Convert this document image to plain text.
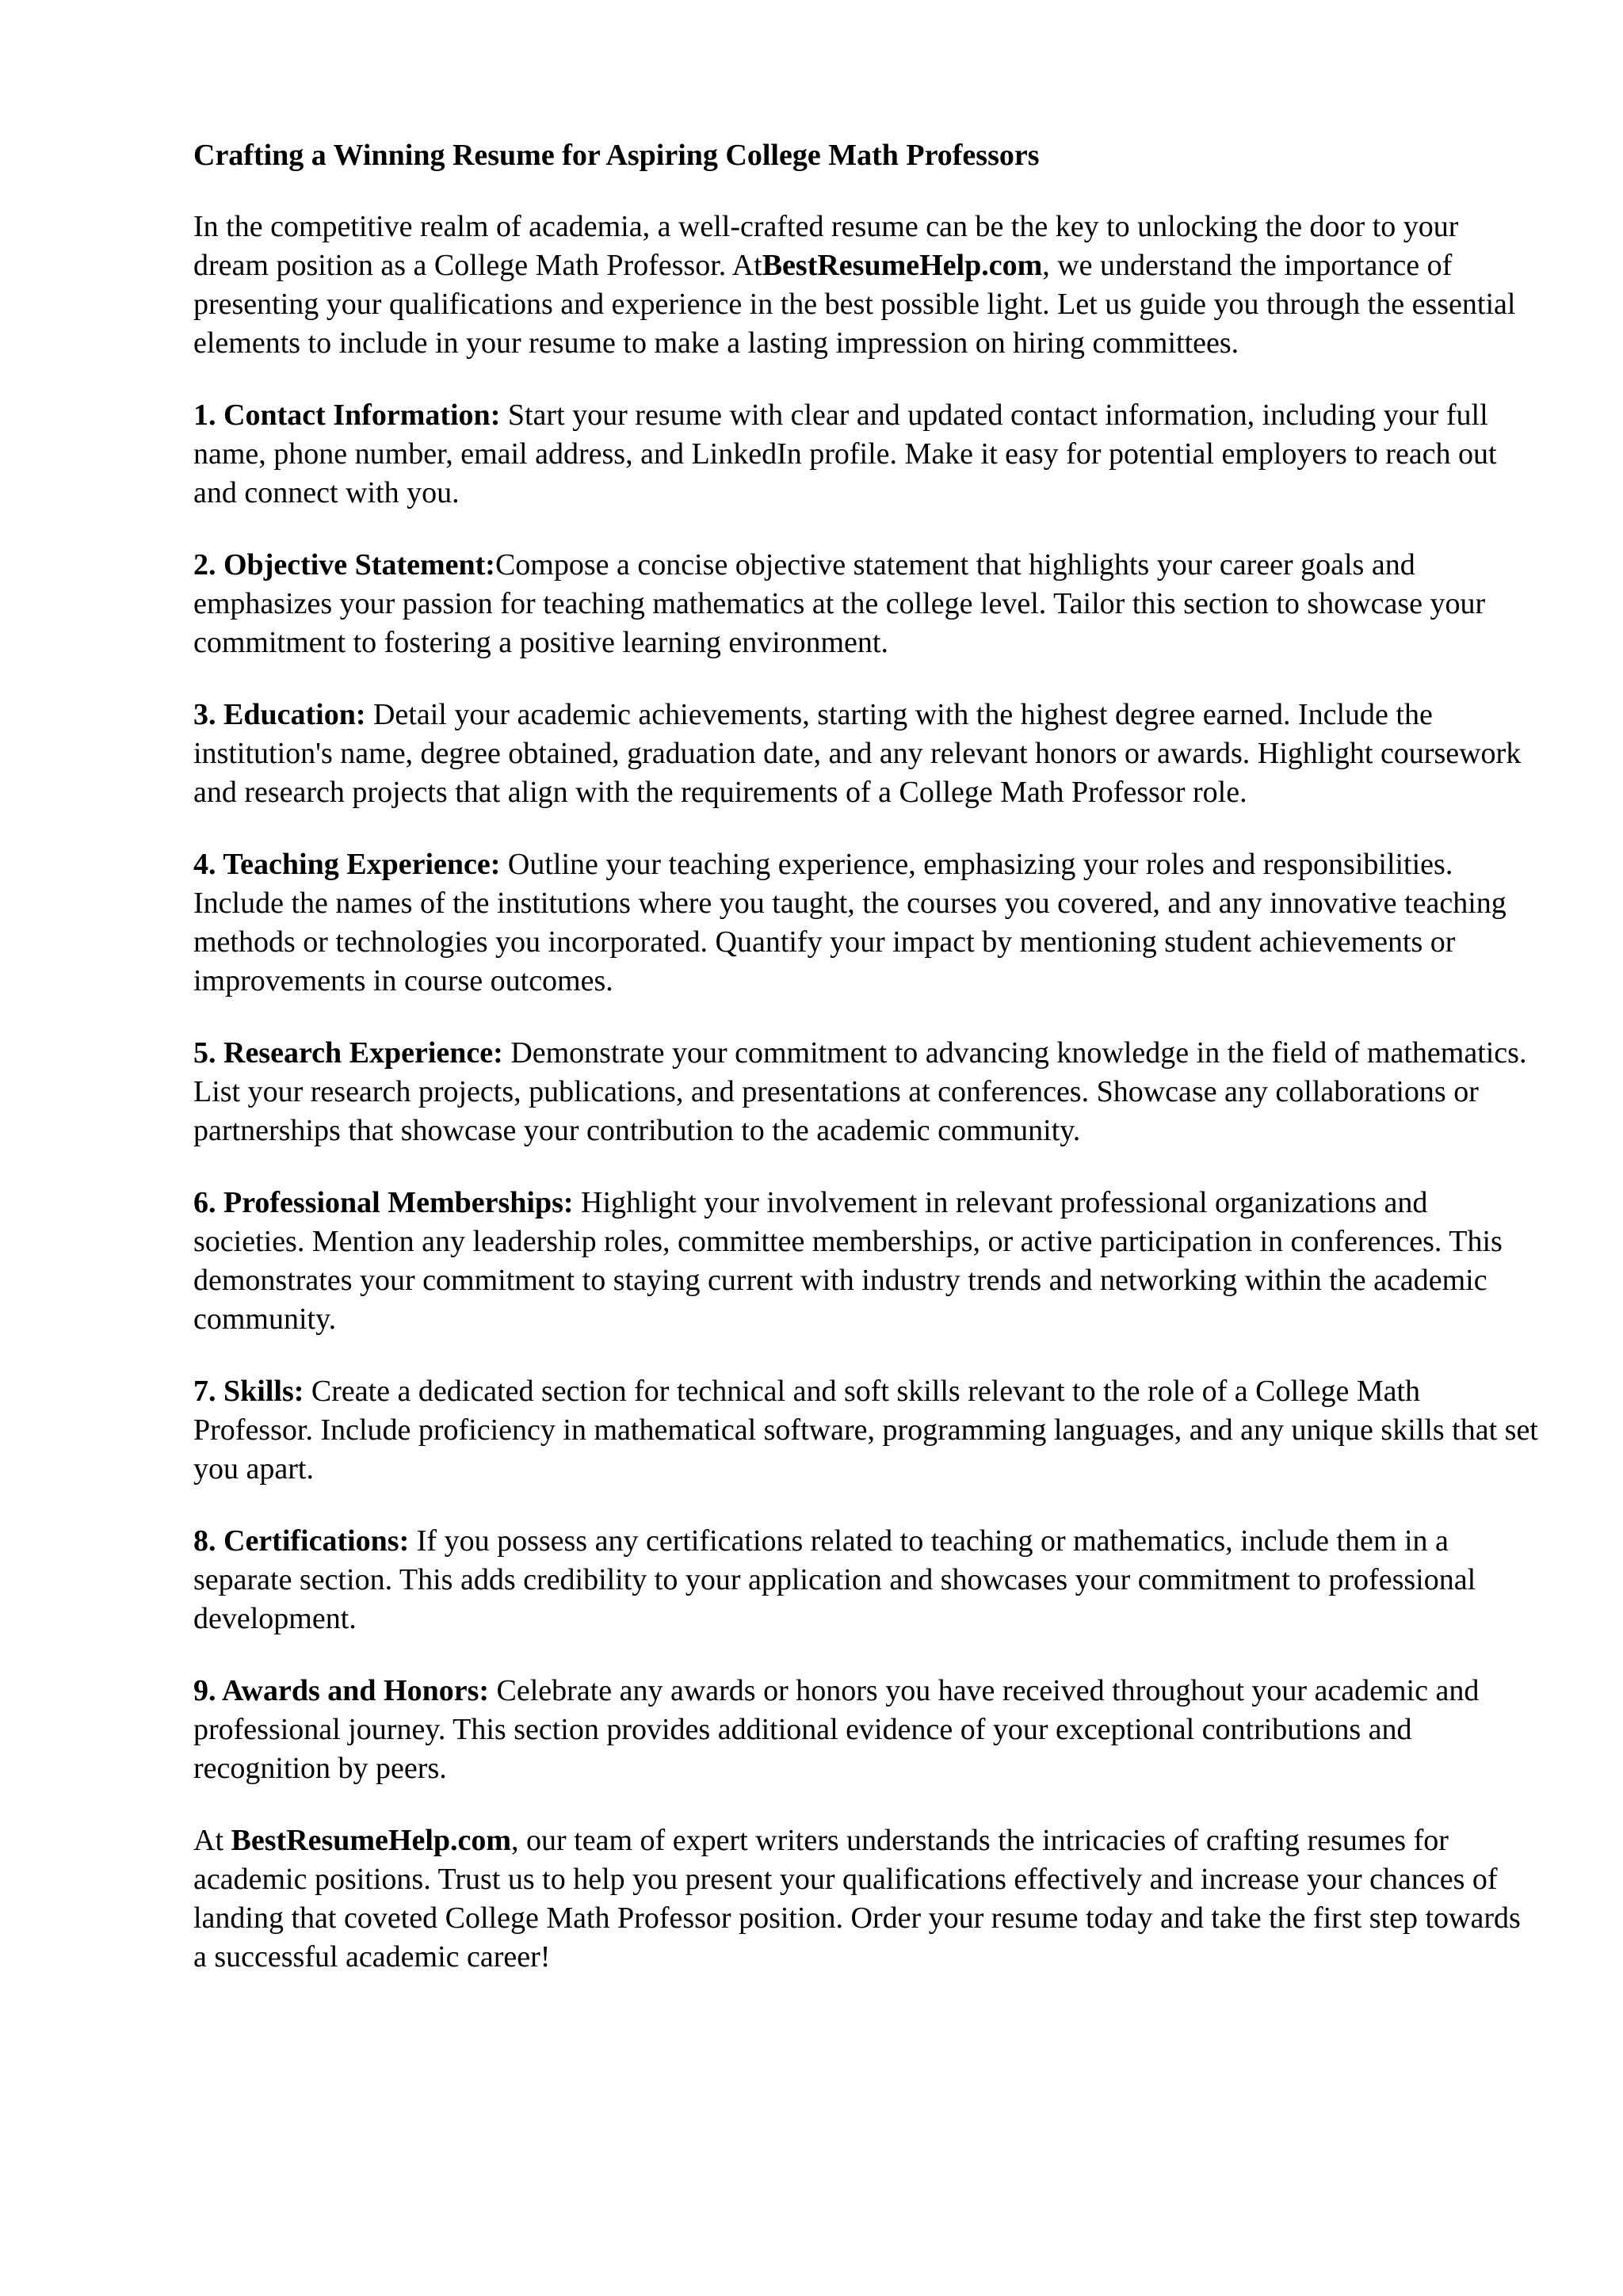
Crafting a Winning Resume for Aspiring College Math Professors

In the competitive realm of academia, a well-crafted resume can be the key to unlocking the door to your dream position as a College Math Professor. AtBestResumeHelp.com, we understand the importance of presenting your qualifications and experience in the best possible light. Let us guide you through the essential elements to include in your resume to make a lasting impression on hiring committees.

1. Contact Information: Start your resume with clear and updated contact information, including your full name, phone number, email address, and LinkedIn profile. Make it easy for potential employers to reach out and connect with you.

2. Objective Statement:Compose a concise objective statement that highlights your career goals and emphasizes your passion for teaching mathematics at the college level. Tailor this section to showcase your commitment to fostering a positive learning environment.

3. Education: Detail your academic achievements, starting with the highest degree earned. Include the institution's name, degree obtained, graduation date, and any relevant honors or awards. Highlight coursework and research projects that align with the requirements of a College Math Professor role.

4. Teaching Experience: Outline your teaching experience, emphasizing your roles and responsibilities. Include the names of the institutions where you taught, the courses you covered, and any innovative teaching methods or technologies you incorporated. Quantify your impact by mentioning student achievements or improvements in course outcomes.

5. Research Experience: Demonstrate your commitment to advancing knowledge in the field of mathematics. List your research projects, publications, and presentations at conferences. Showcase any collaborations or partnerships that showcase your contribution to the academic community.

6. Professional Memberships: Highlight your involvement in relevant professional organizations and societies. Mention any leadership roles, committee memberships, or active participation in conferences. This demonstrates your commitment to staying current with industry trends and networking within the academic community.

7. Skills: Create a dedicated section for technical and soft skills relevant to the role of a College Math Professor. Include proficiency in mathematical software, programming languages, and any unique skills that set you apart.

8. Certifications: If you possess any certifications related to teaching or mathematics, include them in a separate section. This adds credibility to your application and showcases your commitment to professional development.

9. Awards and Honors: Celebrate any awards or honors you have received throughout your academic and professional journey. This section provides additional evidence of your exceptional contributions and recognition by peers.

At BestResumeHelp.com, our team of expert writers understands the intricacies of crafting resumes for academic positions. Trust us to help you present your qualifications effectively and increase your chances of landing that coveted College Math Professor position. Order your resume today and take the first step towards a successful academic career!
